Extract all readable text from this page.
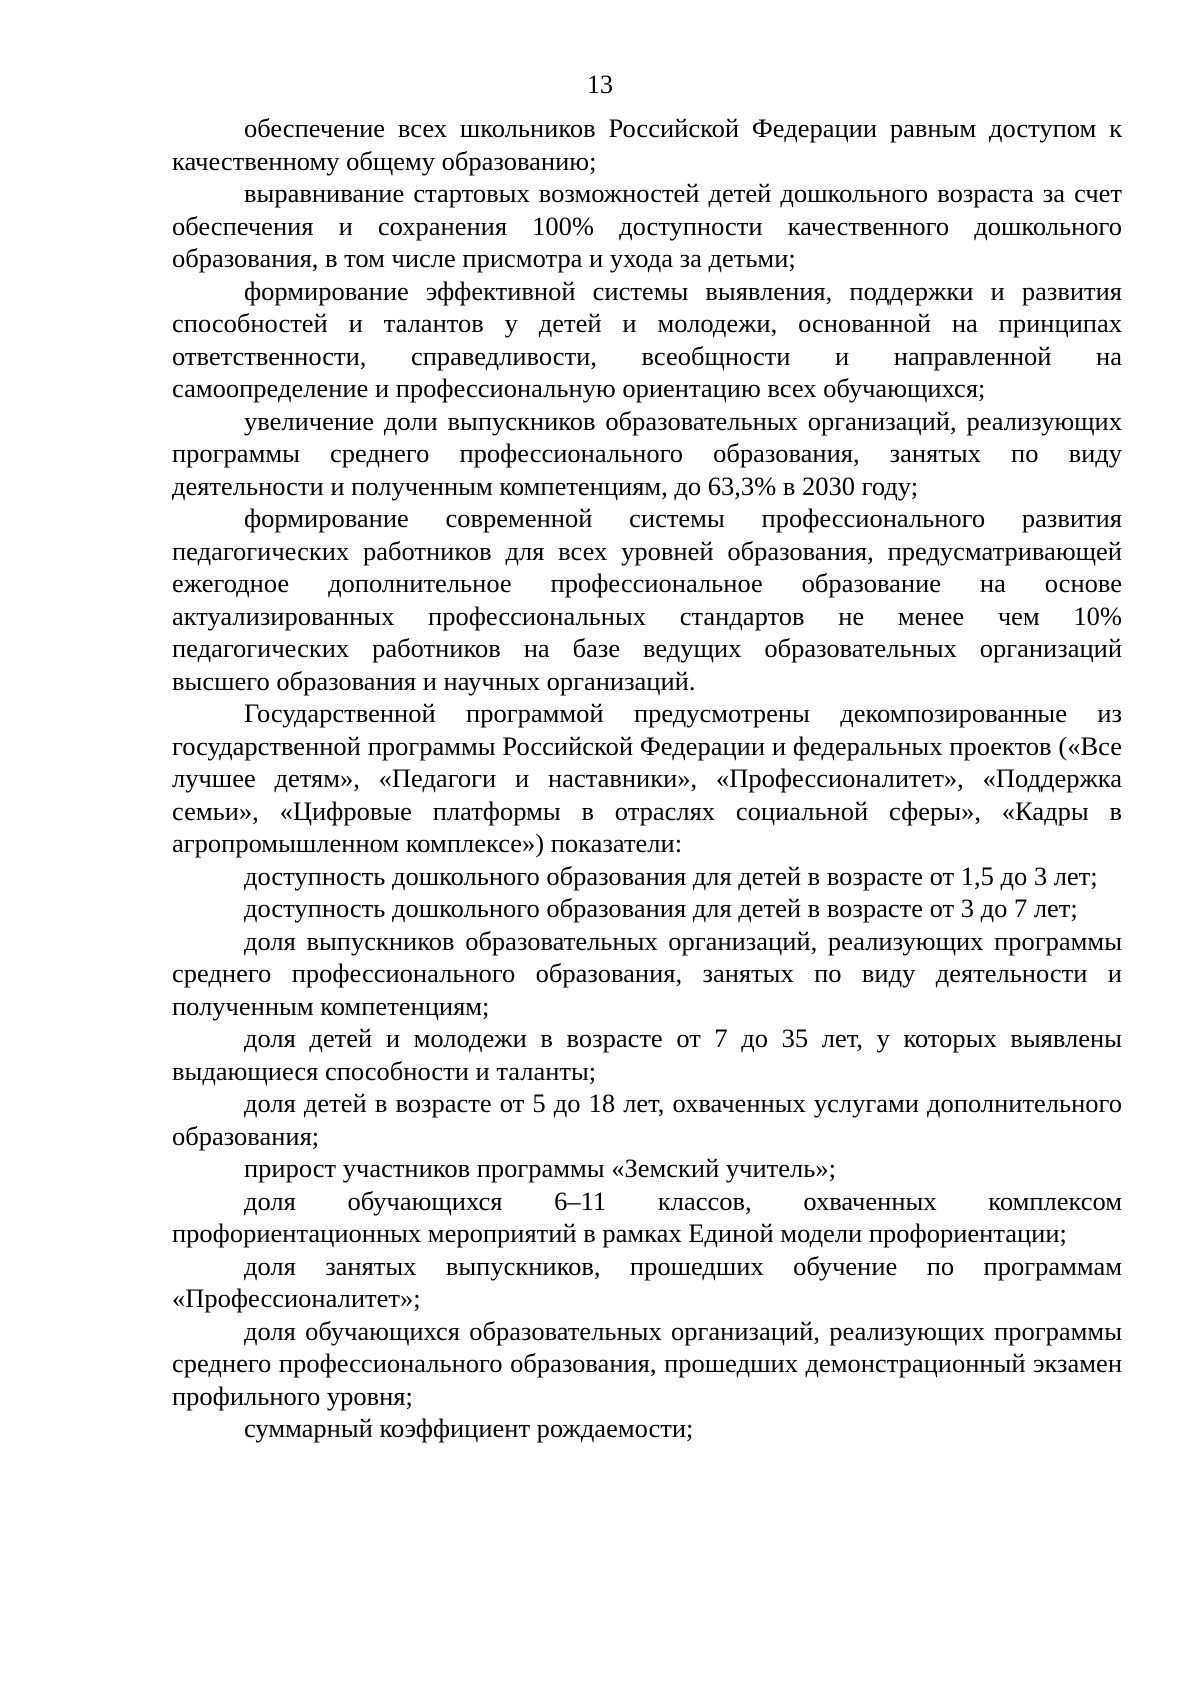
13

обеспечение всех школьников Российской Федерации равным доступом к качественному общему образованию;

выравнивание стартовых возможностей детей дошкольного возраста за счет обеспечения и сохранения 100% доступности качественного дошкольного образования, в том числе присмотра и ухода за детьми;

формирование эффективной системы выявления, поддержки и развития способностей и талантов у детей и молодежи, основанной на принципах ответственности, справедливости, всеобщности и направленной на самоопределение и профессиональную ориентацию всех обучающихся;

увеличение доли выпускников образовательных организаций, реализующих программы среднего профессионального образования, занятых по виду деятельности и полученным компетенциям, до 63,3% в 2030 году;

формирование современной системы профессионального развития педагогических работников для всех уровней образования, предусматривающей ежегодное дополнительное профессиональное образование на основе актуализированных профессиональных стандартов не менее чем 10% педагогических работников на базе ведущих образовательных организаций высшего образования и научных организаций.

Государственной программой предусмотрены декомпозированные из государственной программы Российской Федерации и федеральных проектов («Все лучшее детям», «Педагоги и наставники», «Профессионалитет», «Поддержка семьи», «Цифровые платформы в отраслях социальной сферы», «Кадры в агропромышленном комплексе») показатели:

доступность дошкольного образования для детей в возрасте от 1,5 до 3 лет;

доступность дошкольного образования для детей в возрасте от 3 до 7 лет;

доля выпускников образовательных организаций, реализующих программы среднего профессионального образования, занятых по виду деятельности и полученным компетенциям;

доля детей и молодежи в возрасте от 7 до 35 лет, у которых выявлены выдающиеся способности и таланты;

доля детей в возрасте от 5 до 18 лет, охваченных услугами дополнительного образования;

прирост участников программы «Земский учитель»;

доля обучающихся 6–11 классов, охваченных комплексом профориентационных мероприятий в рамках Единой модели профориентации;

доля занятых выпускников, прошедших обучение по программам «Профессионалитет»;

доля обучающихся образовательных организаций, реализующих программы среднего профессионального образования, прошедших демонстрационный экзамен профильного уровня;

суммарный коэффициент рождаемости;
